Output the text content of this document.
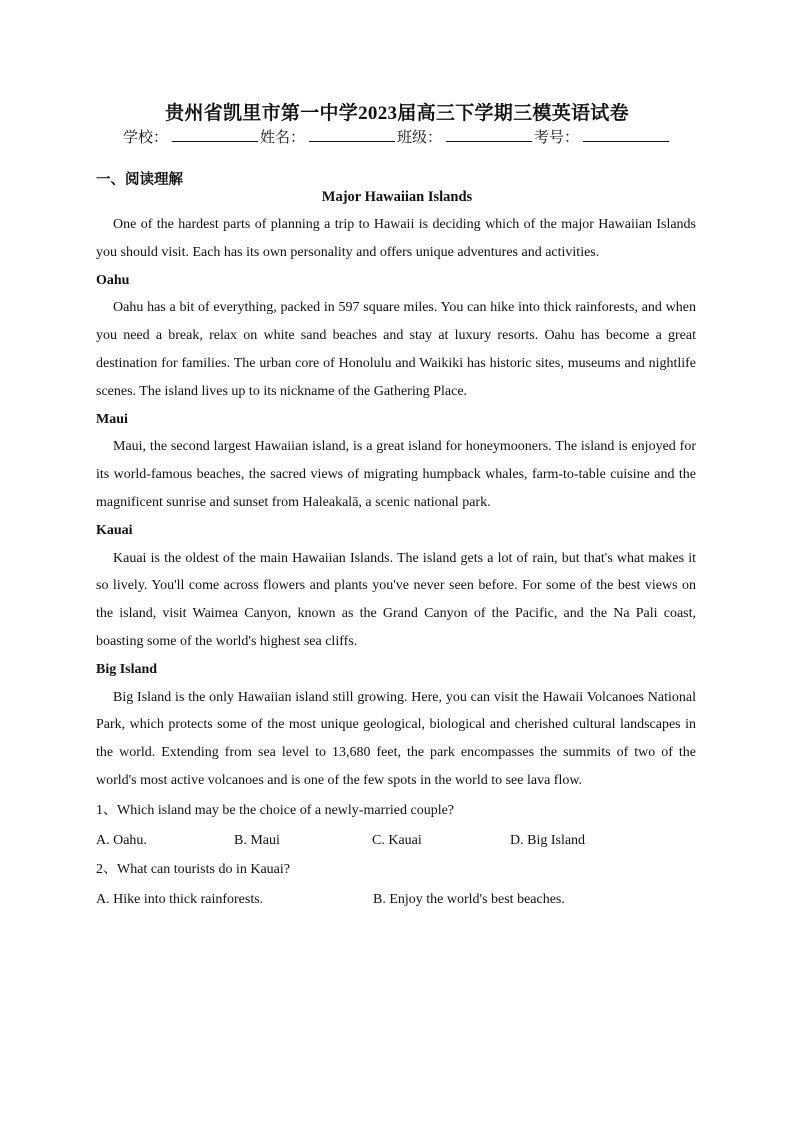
贵州省凯里市第一中学2023届高三下学期三模英语试卷
学校：	姓名：	班级：	考号：
一、阅读理解
Major Hawaiian Islands

One of the hardest parts of planning a trip to Hawaii is deciding which of the major Hawaiian Islands you should visit. Each has its own personality and offers unique adventures and activities.

Oahu

Oahu has a bit of everything, packed in 597 square miles. You can hike into thick rainforests, and when you need a break, relax on white sand beaches and stay at luxury resorts. Oahu has become a great destination for families. The urban core of Honolulu and Waikiki has historic sites, museums and nightlife scenes. The island lives up to its nickname of the Gathering Place.

Maui

Maui, the second largest Hawaiian island, is a great island for honeymooners. The island is enjoyed for its world-famous beaches, the sacred views of migrating humpback whales, farm-to-table cuisine and the magnificent sunrise and sunset from Haleakalā, a scenic national park.

Kauai

Kauai is the oldest of the main Hawaiian Islands. The island gets a lot of rain, but that's what makes it so lively. You'll come across flowers and plants you've never seen before. For some of the best views on the island, visit Waimea Canyon, known as the Grand Canyon of the Pacific, and the Na Pali coast, boasting some of the world's highest sea cliffs.

Big Island

Big Island is the only Hawaiian island still growing. Here, you can visit the Hawaii Volcanoes National Park, which protects some of the most unique geological, biological and cherished cultural landscapes in the world. Extending from sea level to 13,680 feet, the park encompasses the summits of two of the world's most active volcanoes and is one of the few spots in the world to see lava flow.

1、Which island may be the choice of a newly-married couple?

A. Oahu.	B. Maui	C. Kauai	D. Big Island

2、What can tourists do in Kauai?

A. Hike into thick rainforests.	B. Enjoy the world's best beaches.
